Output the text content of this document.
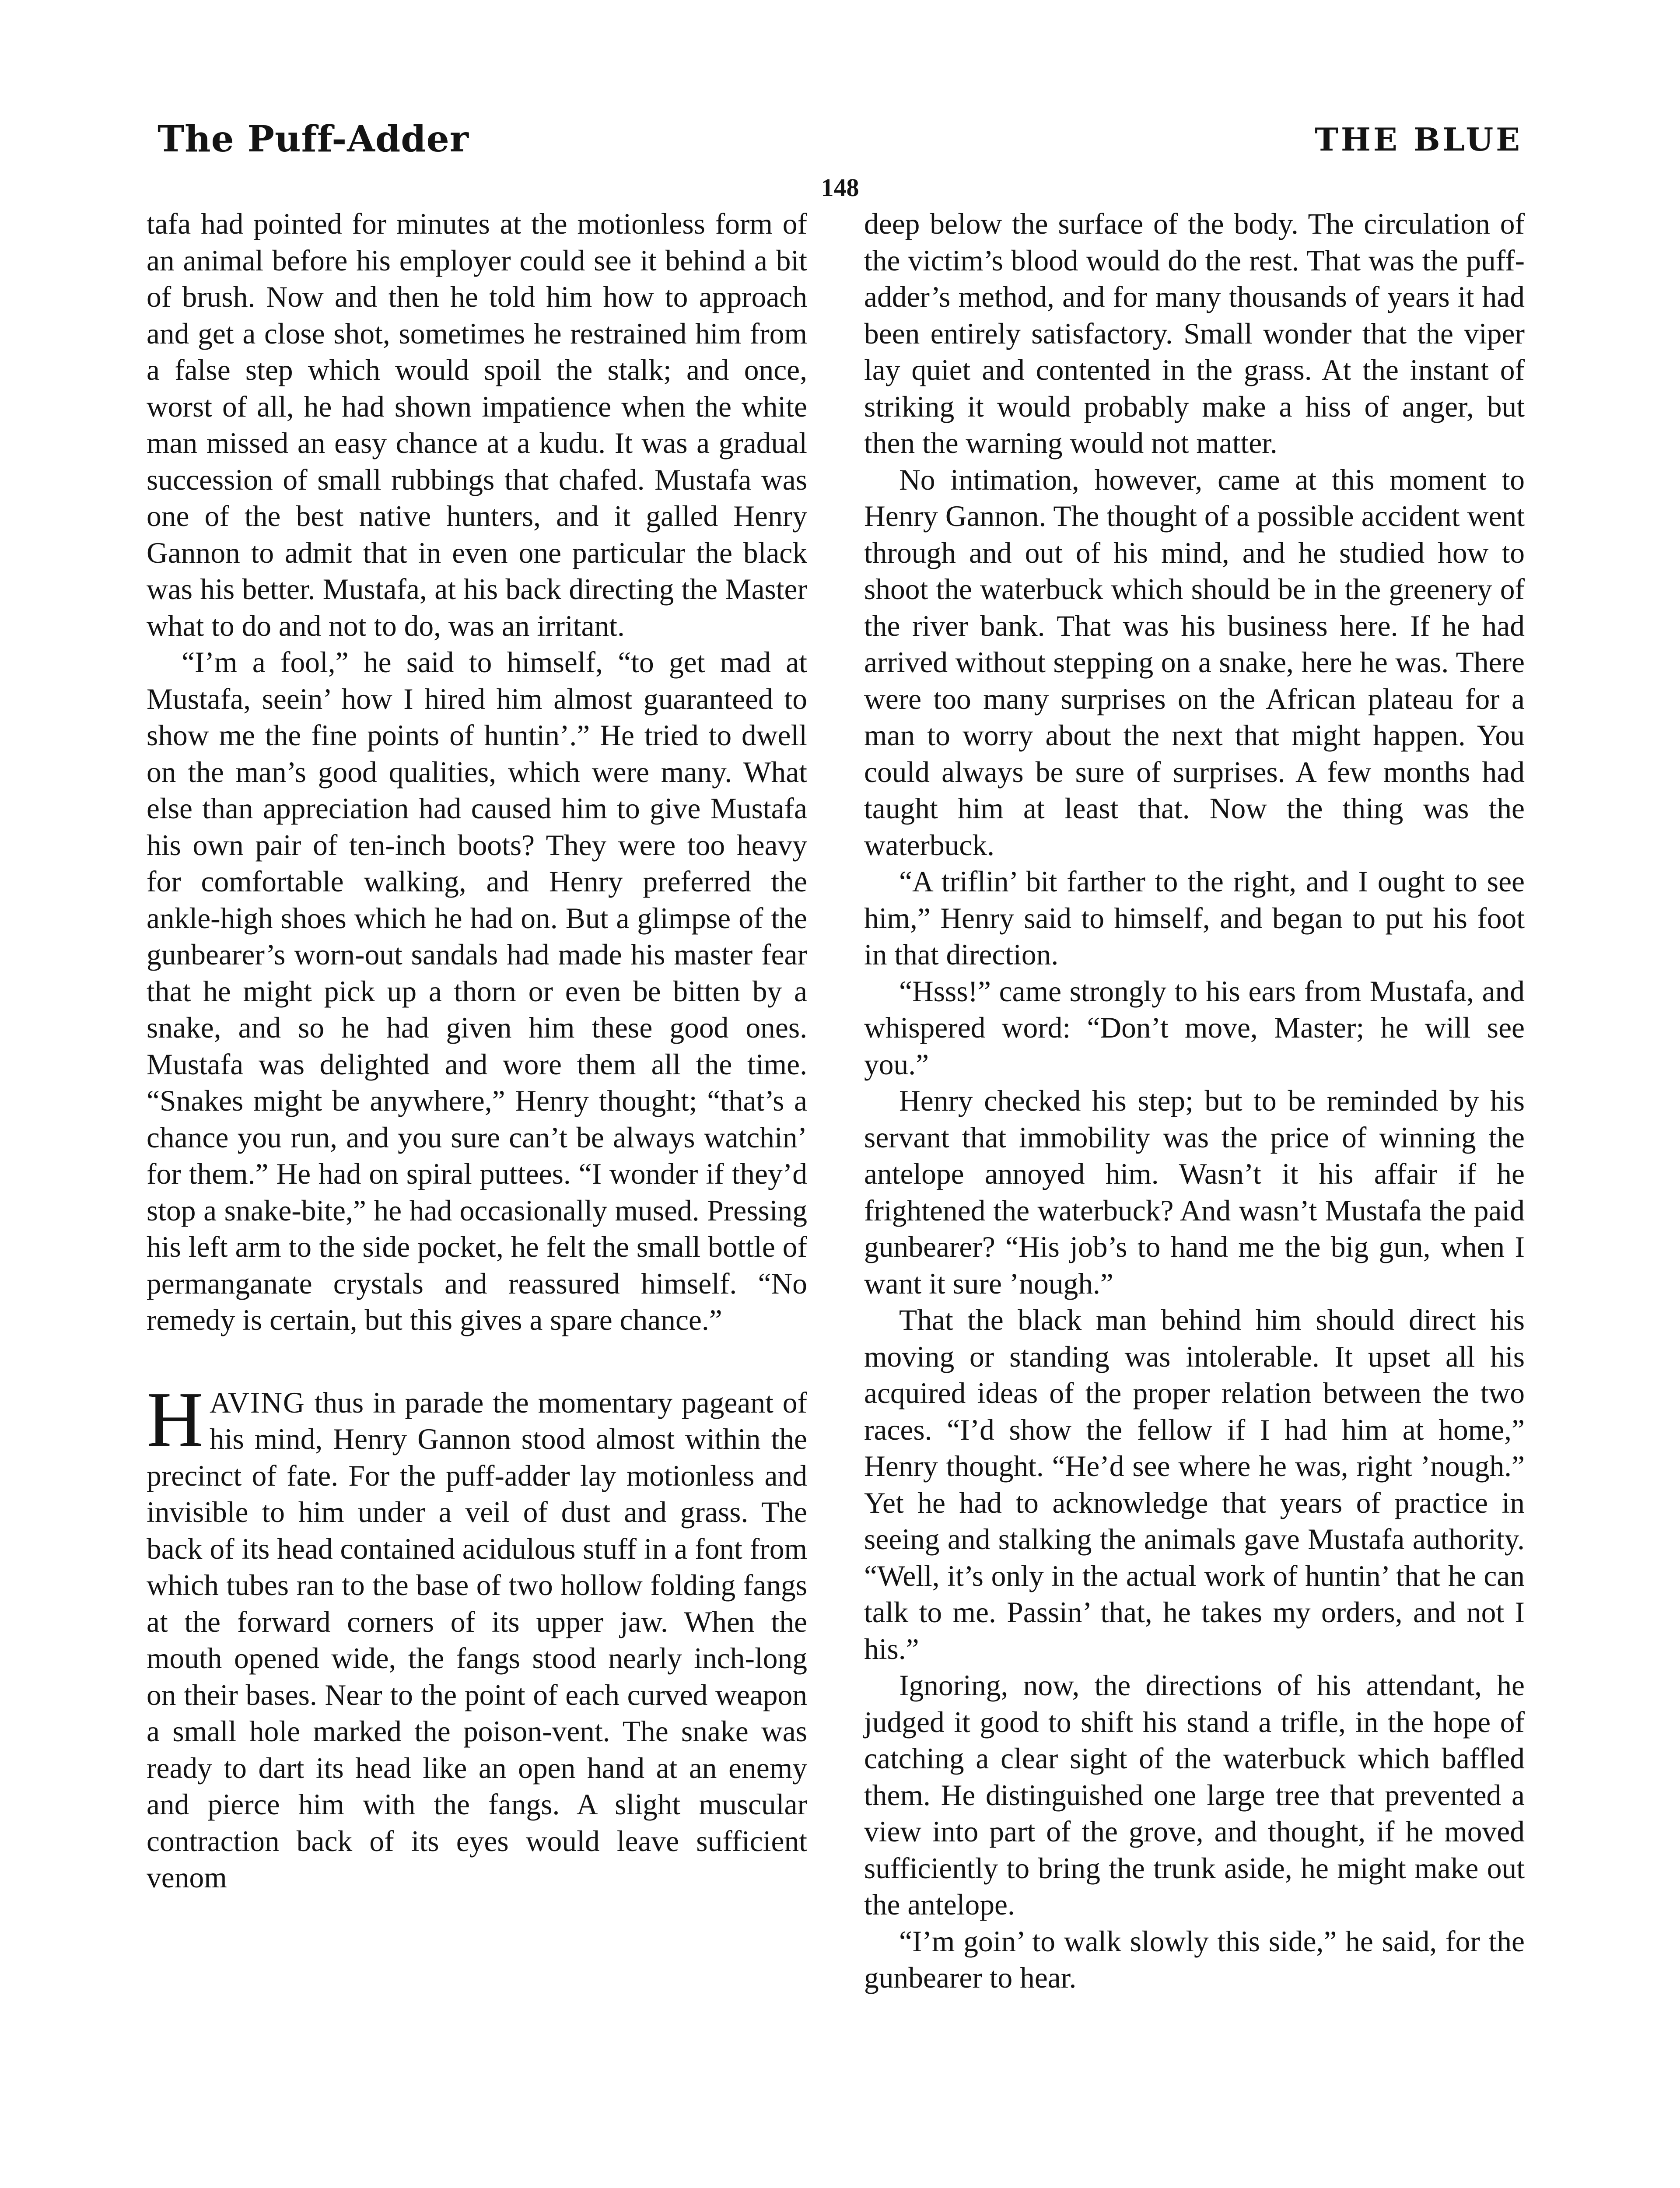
The Puff-Adder	THE BLUE
148

tafa had pointed for minutes at the motionless form of an animal before his employer could see it behind a bit of brush. Now and then he told him how to approach and get a close shot, sometimes he restrained him from a false step which would spoil the stalk; and once, worst of all, he had shown impatience when the white man missed an easy chance at a kudu. It was a gradual succession of small rubbings that chafed. Mustafa was one of the best native hunters, and it galled Henry Gannon to admit that in even one particular the black was his better. Mustafa, at his back directing the Master what to do and not to do, was an irritant.

“I’m a fool,” he said to himself, “to get mad at Mustafa, seein’ how I hired him almost guaranteed to show me the fine points of huntin’.” He tried to dwell on the man’s good qualities, which were many. What else than appreciation had caused him to give Mustafa his own pair of ten-inch boots? They were too heavy for comfortable walking, and Henry preferred the ankle-high shoes which he had on. But a glimpse of the gunbearer’s worn-out sandals had made his master fear that he might pick up a thorn or even be bitten by a snake, and so he had given him these good ones. Mustafa was delighted and wore them all the time. “Snakes might be anywhere,” Henry thought; “that’s a chance you run, and you sure can’t be always watchin’ for them.” He had on spiral puttees. “I wonder if they’d stop a snake-bite,” he had occasionally mused. Pressing his left arm to the side pocket, he felt the small bottle of permanganate crystals and reassured himself. “No remedy is certain, but this gives a spare chance.”

HAVING thus in parade the momentary pageant of his mind, Henry Gannon stood almost within the precinct of fate. For the puff-adder lay motionless and invisible to him under a veil of dust and grass. The back of its head contained acidulous stuff in a font from which tubes ran to the base of two hollow folding fangs at the forward corners of its upper jaw. When the mouth opened wide, the fangs stood nearly inch-long on their bases. Near to the point of each curved weapon a small hole marked the poison-vent. The snake was ready to dart its head like an open hand at an enemy and pierce him with the fangs. A slight muscular contraction back of its eyes would leave sufficient venom

deep below the surface of the body. The circulation of the victim’s blood would do the rest. That was the puff-adder’s method, and for many thousands of years it had been entirely satisfactory. Small wonder that the viper lay quiet and contented in the grass. At the instant of striking it would probably make a hiss of anger, but then the warning would not matter.

No intimation, however, came at this moment to Henry Gannon. The thought of a possible accident went through and out of his mind, and he studied how to shoot the waterbuck which should be in the greenery of the river bank. That was his business here. If he had arrived without stepping on a snake, here he was. There were too many surprises on the African plateau for a man to worry about the next that might happen. You could always be sure of surprises. A few months had taught him at least that. Now the thing was the waterbuck.

“A triflin’ bit farther to the right, and I ought to see him,” Henry said to himself, and began to put his foot in that direction.

“Hsss!” came strongly to his ears from Mustafa, and whispered word: “Don’t move, Master; he will see you.”

Henry checked his step; but to be reminded by his servant that immobility was the price of winning the antelope annoyed him. Wasn’t it his affair if he frightened the waterbuck? And wasn’t Mustafa the paid gunbearer? “His job’s to hand me the big gun, when I want it sure ’nough.”

That the black man behind him should direct his moving or standing was intolerable. It upset all his acquired ideas of the proper relation between the two races. “I’d show the fellow if I had him at home,” Henry thought. “He’d see where he was, right ’nough.” Yet he had to acknowledge that years of practice in seeing and stalking the animals gave Mustafa authority. “Well, it’s only in the actual work of huntin’ that he can talk to me. Passin’ that, he takes my orders, and not I his.”

Ignoring, now, the directions of his attendant, he judged it good to shift his stand a trifle, in the hope of catching a clear sight of the waterbuck which baffled them. He distinguished one large tree that prevented a view into part of the grove, and thought, if he moved sufficiently to bring the trunk aside, he might make out the antelope.

“I’m goin’ to walk slowly this side,” he said, for the gunbearer to hear.
